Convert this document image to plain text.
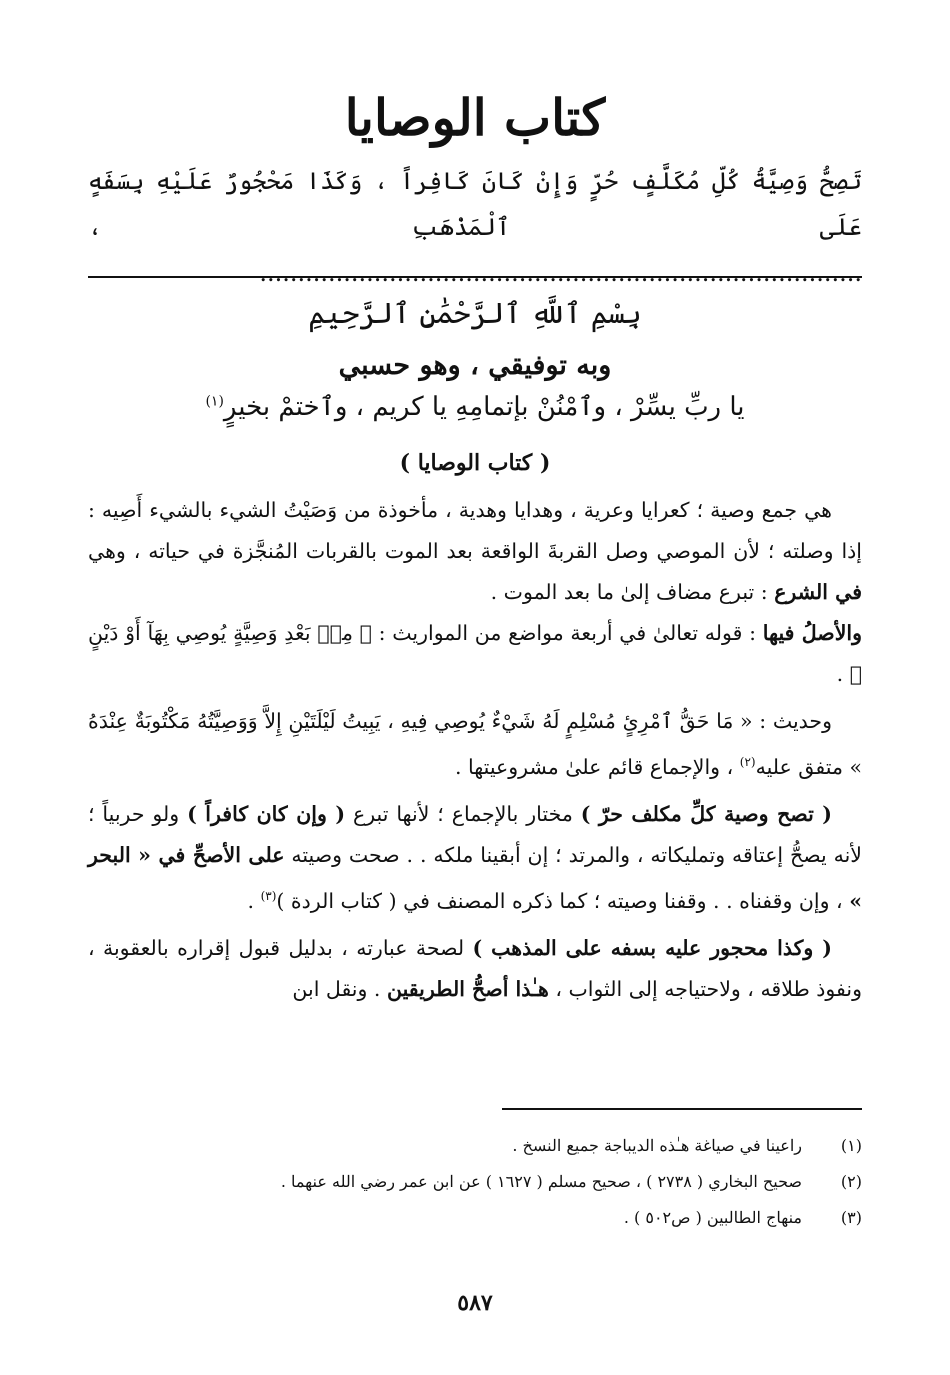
كتاب الوصايا
تَصِحُّ وَصِيَّةُ كُلِّ مُكَلَّفٍ حُرٍّ وَإِنْ كَانَ كَافِراً ، وَكَذَا مَحْجُورٌ عَلَيْهِ بِسَفَهٍ عَلَى ٱلْمَذْهَبِ ، ...............................................................................
بِسْمِ ٱللَّهِ ٱلرَّحْمَٰنِ ٱلرَّحِيمِ
وبه توفيقي ، وهو حسبي
يا ربِّ يسِّرْ ، وٱمْنُنْ بإتمامِهِ يا كريم ، وٱختمْ بخيرٍ$^{(١)}$
( كتاب الوصايا )

هي جمع وصية ؛ كعرايا وعرية ، وهدايا وهدية ، مأخوذة من وَصَيْتُ الشيء بالشيء أَصِيه : إذا وصلته ؛ لأن الموصي وصل القربةَ الواقعة بعد الموت بالقربات المُنجَّزة في حياته ، وهي في الشرع : تبرع مضاف إلىٰ ما بعد الموت .

والأصلُ فيها : قوله تعالىٰ في أربعة مواضع من المواريث : ﴿ مِنۢ بَعْدِ وَصِيَّةٍ يُوصِي بِهَآ أَوْ دَيْنٍ ﴾ .

وحديث : « مَا حَقُّ ٱمْرِئٍ مُسْلِمٍ لَهُ شَيْءٌ يُوصِي فِيهِ ، يَبِيتُ لَيْلَتَيْنِ إِلاَّ وَوَصِيَّتُهُ مَكْتُوبَةٌ عِنْدَهُ » متفق عليه$^{(٢)}$ ، والإجماع قائم علىٰ مشروعيتها .

( تصح وصية كلِّ مكلف حرّ ) مختار بالإجماع ؛ لأنها تبرع ( وإن كان كافراً ) ولو حربياً ؛ لأنه يصحُّ إعتاقه وتمليكاته ، والمرتد ؛ إن أبقينا ملكه . . صحت وصيته على الأصحِّ في « البحر » ، وإن وقفناه . . وقفنا وصيته ؛ كما ذكره المصنف في ( كتاب الردة )$^{(٣)}$ .

( وكذا محجور عليه بسفه على المذهب ) لصحة عبارته ، بدليل قبول إقراره بالعقوبة ، ونفوذ طلاقه ، ولاحتياجه إلى الثواب ، هـٰذا أصحُّ الطريقين . ونقل ابن

(١)
راعينا في صياغة هـٰذه الديباجة جميع النسخ .
(٢)
صحيح البخاري ( ٢٧٣٨ ) ، صحيح مسلم ( ١٦٢٧ ) عن ابن عمر رضي الله عنهما .
(٣)
منهاج الطالبين ( ص٥٠٢ ) .
٥٨٧
